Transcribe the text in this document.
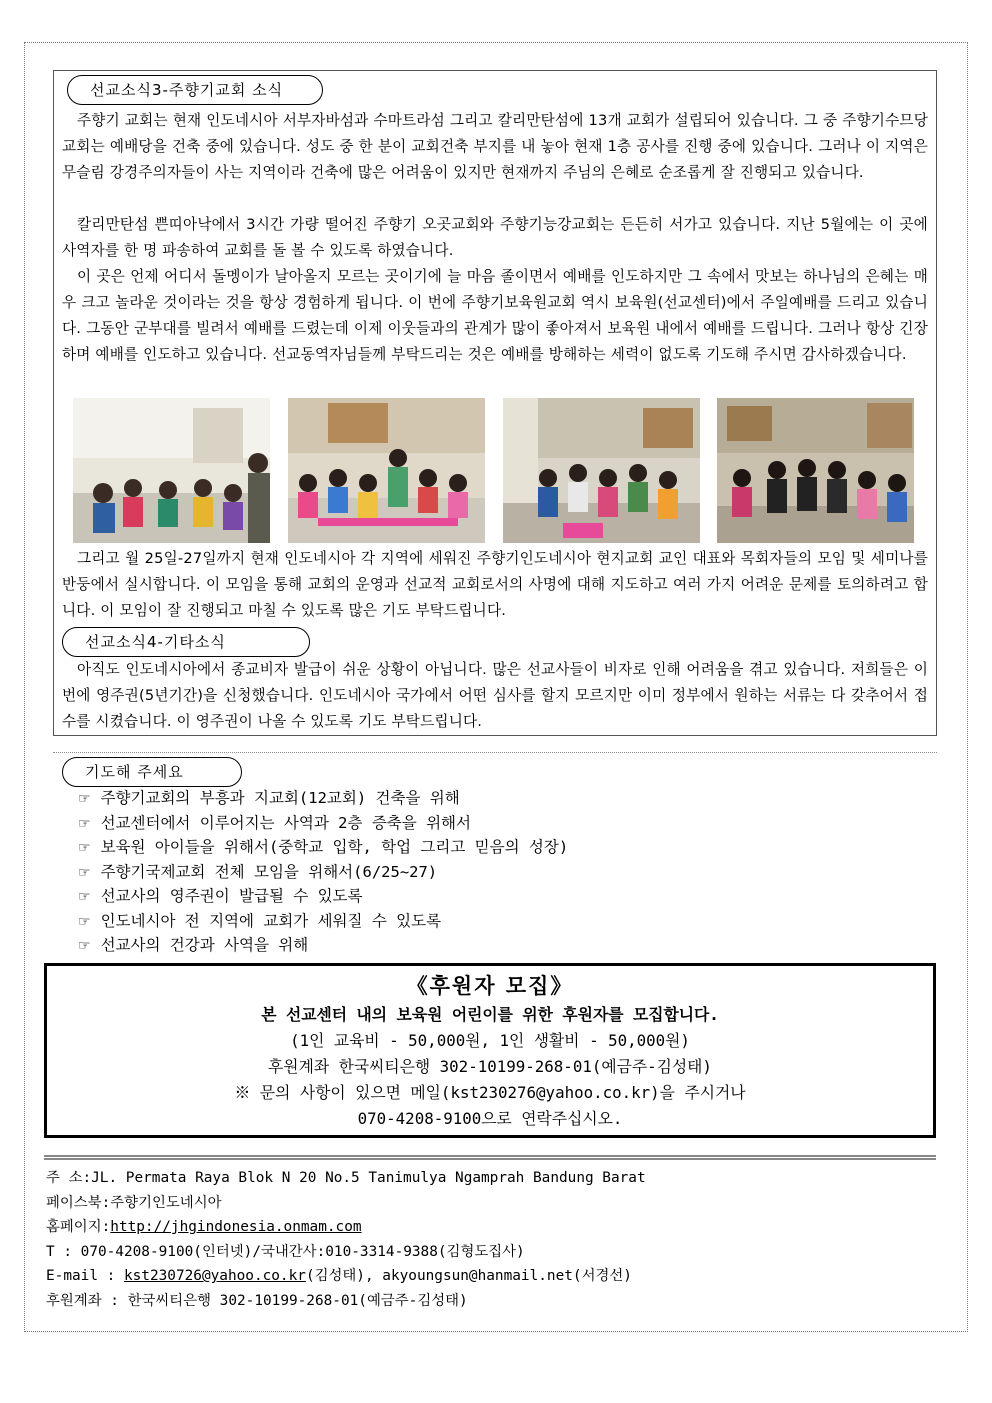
선교소식3-주향기교회 소식

주향기 교회는 현재 인도네시아 서부자바섬과 수마트라섬 그리고 칼리만탄섬에 13개 교회가 설립되어 있습니다. 그 중 주향기수므당교회는 예배당을 건축 중에 있습니다. 성도 중 한 분이 교회건축 부지를 내 놓아 현재 1층 공사를 진행 중에 있습니다. 그러나 이 지역은 무슬림 강경주의자들이 사는 지역이라 건축에 많은 어려움이 있지만 현재까지 주님의 은혜로 순조롭게 잘 진행되고 있습니다.

칼리만탄섬 쁜띠아낙에서 3시간 가량 떨어진 주향기 오곳교회와 주향기능강교회는 든든히 서가고 있습니다. 지난 5월에는 이 곳에 사역자를 한 명 파송하여 교회를 돌 볼 수 있도록 하였습니다.

이 곳은 언제 어디서 돌멩이가 날아올지 모르는 곳이기에 늘 마음 졸이면서 예배를 인도하지만 그 속에서 맛보는 하나님의 은혜는 매우 크고 놀라운 것이라는 것을 항상 경험하게 됩니다. 이 번에 주향기보육원교회 역시 보육원(선교센터)에서 주일예배를 드리고 있습니다. 그동안 군부대를 빌려서 예배를 드렸는데 이제 이웃들과의 관계가 많이 좋아져서 보육원 내에서 예배를 드립니다. 그러나 항상 긴장하며 예배를 인도하고 있습니다. 선교동역자님들께 부탁드리는 것은 예배를 방해하는 세력이 없도록 기도해 주시면 감사하겠습니다.

그리고 월 25일-27일까지 현재 인도네시아 각 지역에 세워진 주향기인도네시아 현지교회 교인 대표와 목회자들의 모임 및 세미나를 반둥에서 실시합니다. 이 모임을 통해 교회의 운영과 선교적 교회로서의 사명에 대해 지도하고 여러 가지 어려운 문제를 토의하려고 합니다. 이 모임이 잘 진행되고 마칠 수 있도록 많은 기도 부탁드립니다.

선교소식4-기타소식

아직도 인도네시아에서 종교비자 발급이 쉬운 상황이 아닙니다. 많은 선교사들이 비자로 인해 어려움을 겪고 있습니다. 저희들은 이번에 영주권(5년기간)을 신청했습니다. 인도네시아 국가에서 어떤 심사를 할지 모르지만 이미 정부에서 원하는 서류는 다 갖추어서 접수를 시켰습니다. 이 영주권이 나올 수 있도록 기도 부탁드립니다.

기도해 주세요
☞ 주향기교회의 부흥과 지교회(12교회) 건축을 위해
☞ 선교센터에서 이루어지는 사역과 2층 증축을 위해서
☞ 보육원 아이들을 위해서(중학교 입학, 학업 그리고 믿음의 성장)
☞ 주향기국제교회 전체 모임을 위해서(6/25~27)
☞ 선교사의 영주권이 발급될 수 있도록
☞ 인도네시아 전 지역에 교회가 세워질 수 있도록
☞ 선교사의 건강과 사역을 위해
《후원자 모집》
본 선교센터 내의 보육원 어린이를 위한 후원자를 모집합니다.
(1인 교육비 - 50,000원, 1인 생활비 - 50,000원)
후원계좌 한국씨티은행 302-10199-268-01(예금주-김성태)
※ 문의 사항이 있으면 메일(kst230276@yahoo.co.kr)을 주시거나
070-4208-9100으로 연락주십시오.
주 소:JL. Permata Raya Blok N 20 No.5 Tanimulya Ngamprah Bandung Barat
페이스북:주향기인도네시아
홈페이지:http://jhgindonesia.onmam.com
T : 070-4208-9100(인터넷)/국내간사:010-3314-9388(김형도집사)
E-mail : kst230726@yahoo.co.kr(김성태), akyoungsun@hanmail.net(서경선)
후원계좌 : 한국씨티은행 302-10199-268-01(예금주-김성태)
